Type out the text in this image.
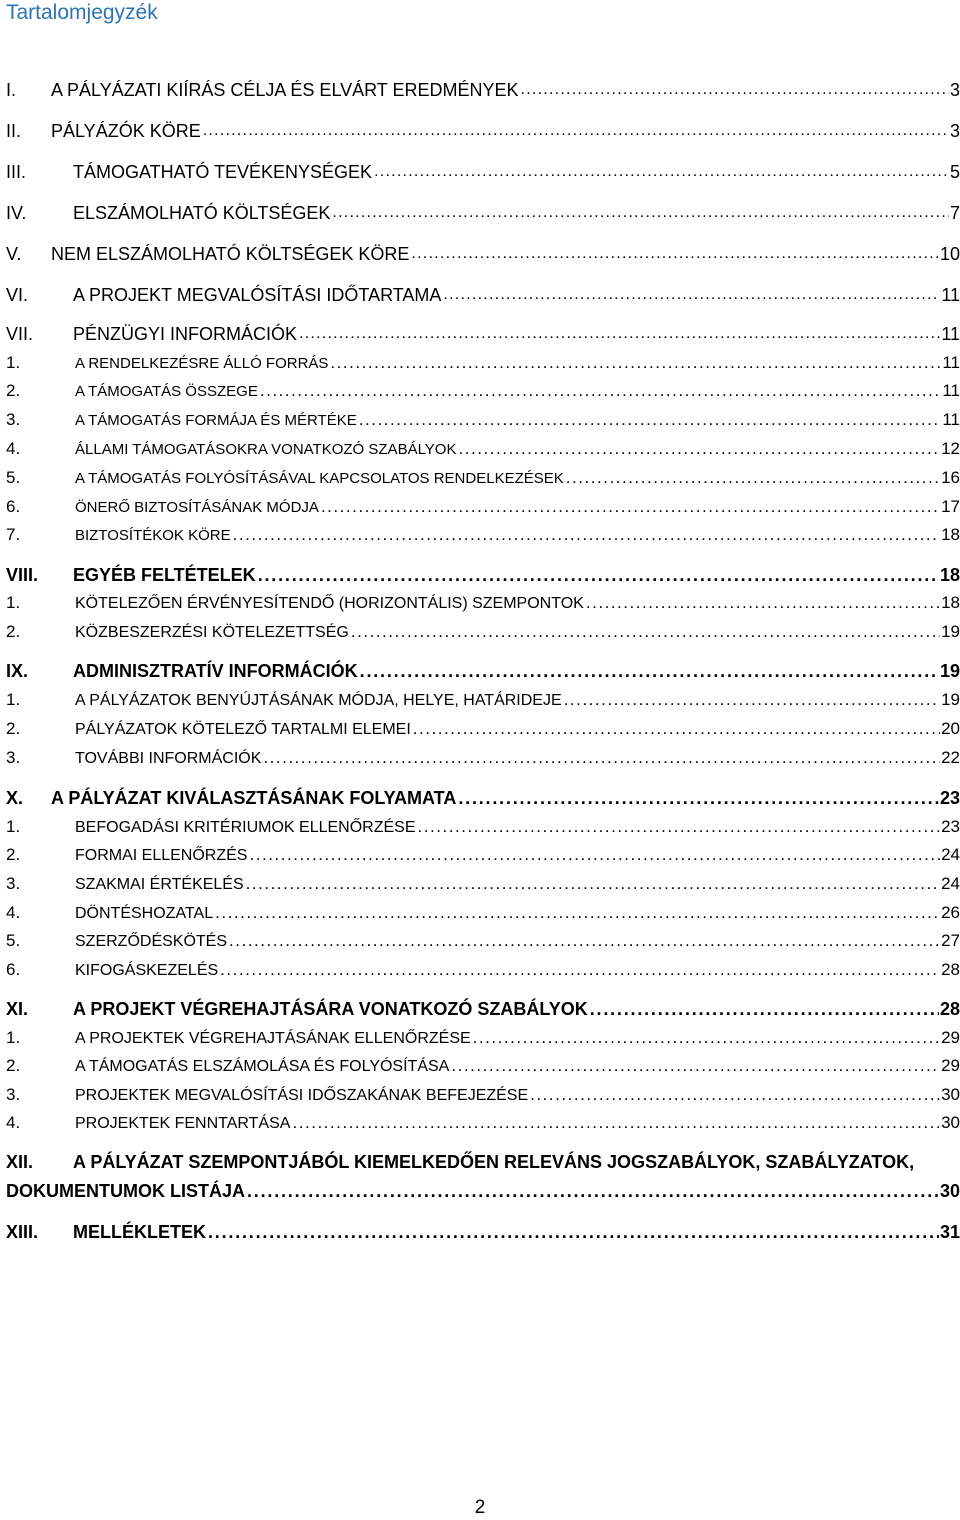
Tartalomjegyzék
I.	A PÁLYÁZATI KIÍRÁS CÉLJA ÉS ELVÁRT EREDMÉNYEK . . .	3
II.	PÁLYÁZÓK KÖRE . . .	3
III.	TÁMOGATHATÓ TEVÉKENYSÉGEK . . .	5
IV.	ELSZÁMOLHATÓ KÖLTSÉGEK . . .	7
V.	NEM ELSZÁMOLHATÓ KÖLTSÉGEK KÖRE . . .	10
VI.	A PROJEKT MEGVALÓSÍTÁSI IDŐTARTAMA . . .	11
VII.	PÉNZÜGYI INFORMÁCIÓK . . .	11
1.	A RENDELKEZÉSRE ÁLLÓ FORRÁS . . .	11
2.	A TÁMOGATÁS ÖSSZEGE . . .	11
3.	A TÁMOGATÁS FORMÁJA ÉS MÉRTÉKE . . .	11
4.	ÁLLAMI TÁMOGATÁSOKRA VONATKOZÓ SZABÁLYOK . . .	12
5.	A TÁMOGATÁS FOLYÓSÍTÁSÁVAL KAPCSOLATOS RENDELKEZÉSEK . . .	16
6.	ÖNERŐ BIZTOSÍTÁSÁNAK MÓDJA . . .	17
7.	BIZTOSÍTÉKOK KÖRE . . .	18
VIII.	EGYÉB FELTÉTELEK . . .	18
1.	KÖTELEZŐEN ÉRVÉNYESÍTENDŐ (HORIZONTÁLIS) SZEMPONTOK . . .	18
2.	KÖZBESZERZÉSI KÖTELEZETTSÉG . . .	19
IX.	ADMINISZTRATÍV INFORMÁCIÓK . . .	19
1.	A PÁLYÁZATOK BENYÚJTÁSÁNAK MÓDJA, HELYE, HATÁRIDEJE . . .	19
2.	PÁLYÁZATOK KÖTELEZŐ TARTALMI ELEMEI . . .	20
3.	TOVÁBBI INFORMÁCIÓK . . .	22
X.	A PÁLYÁZAT KIVÁLASZTÁSÁNAK FOLYAMATA . . .	23
1.	BEFOGADÁSI KRITÉRIUMOK ELLENŐRZÉSE . . .	23
2.	FORMAI ELLENŐRZÉS . . .	24
3.	SZAKMAI ÉRTÉKELÉS . . .	24
4.	DÖNTÉSHOZATAL . . .	26
5.	SZERZŐDÉSKÖTÉS . . .	27
6.	KIFOGÁSKEZELÉS . . .	28
XI.	A PROJEKT VÉGREHAJTÁSÁRA VONATKOZÓ SZABÁLYOK . . .	28
1.	A PROJEKTEK VÉGREHAJTÁSÁNAK ELLENŐRZÉSE . . .	29
2.	A TÁMOGATÁS ELSZÁMOLÁSA ÉS FOLYÓSÍTÁSA . . .	29
3.	PROJEKTEK MEGVALÓSÍTÁSI IDŐSZAKÁNAK BEFEJEZÉSE . . .	30
4.	PROJEKTEK FENNTARTÁSA . . .	30
XII. A PÁLYÁZAT SZEMPONTJÁBÓL KIEMELKEDŐEN RELEVÁNS JOGSZABÁLYOK, SZABÁLYZATOK,
DOKUMENTUMOK LISTÁJA . . .	30
XIII.	MELLÉKLETEK . . .	31
2
